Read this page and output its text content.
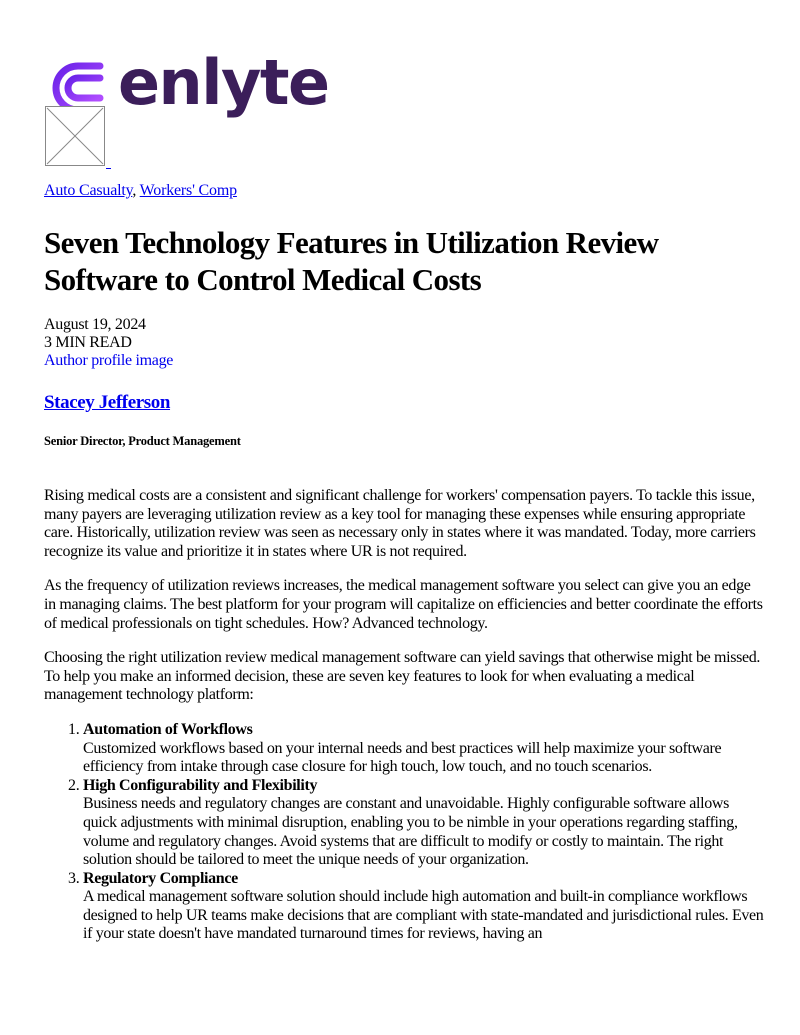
enlyte
Auto Casualty, Workers' Comp
Seven Technology Features in Utilization Review Software to Control Medical Costs
August 19, 2024
3 MIN READ
Author profile image
Stacey Jefferson

Senior Director, Product Management

Rising medical costs are a consistent and significant challenge for workers' compensation payers. To tackle this issue, many payers are leveraging utilization review as a key tool for managing these expenses while ensuring appropriate care. Historically, utilization review was seen as necessary only in states where it was mandated. Today, more carriers recognize its value and prioritize it in states where UR is not required.

As the frequency of utilization reviews increases, the medical management software you select can give you an edge in managing claims. The best platform for your program will capitalize on efficiencies and better coordinate the efforts of medical professionals on tight schedules. How? Advanced technology.

Choosing the right utilization review medical management software can yield savings that otherwise might be missed. To help you make an informed decision, these are seven key features to look for when evaluating a medical management technology platform:

1. Automation of Workflows
Customized workflows based on your internal needs and best practices will help maximize your software efficiency from intake through case closure for high touch, low touch, and no touch scenarios.
2. High Configurability and Flexibility
Business needs and regulatory changes are constant and unavoidable. Highly configurable software allows quick adjustments with minimal disruption, enabling you to be nimble in your operations regarding staffing, volume and regulatory changes. Avoid systems that are difficult to modify or costly to maintain. The right solution should be tailored to meet the unique needs of your organization.
3. Regulatory Compliance
A medical management software solution should include high automation and built-in compliance workflows designed to help UR teams make decisions that are compliant with state-mandated and jurisdictional rules. Even if your state doesn't have mandated turnaround times for reviews, having an
